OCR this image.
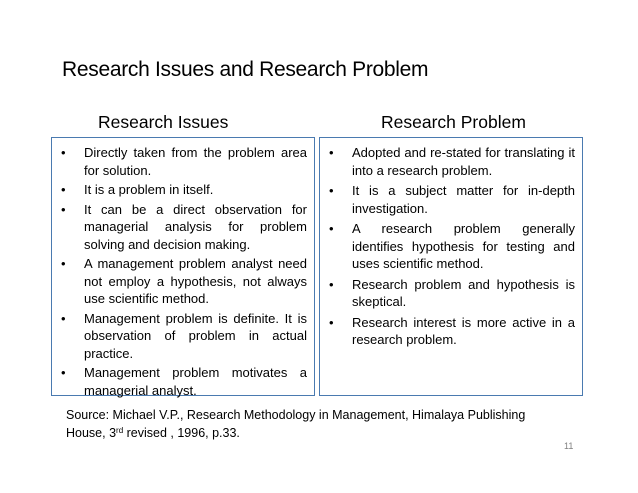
Research Issues and Research Problem
Research Issues	Research Problem
• Directly taken from the problem area for solution.
• It is a problem in itself.
• It can be a direct observation for managerial analysis for problem solving and decision making.
• A management problem analyst need not employ a hypothesis, not always use scientific method.
• Management problem is definite. It is observation of problem in actual practice.
• Management problem motivates a managerial analyst.
• Adopted and re-stated for translating it into a research problem.
• It is a subject matter for in-depth investigation.
• A research problem generally identifies hypothesis for testing and uses scientific method.
• Research problem and hypothesis is skeptical.
• Research interest is more active in a research problem.
Source: Michael V.P., Research Methodology in Management, Himalaya Publishing House, 3rd revised , 1996, p.33.
11
